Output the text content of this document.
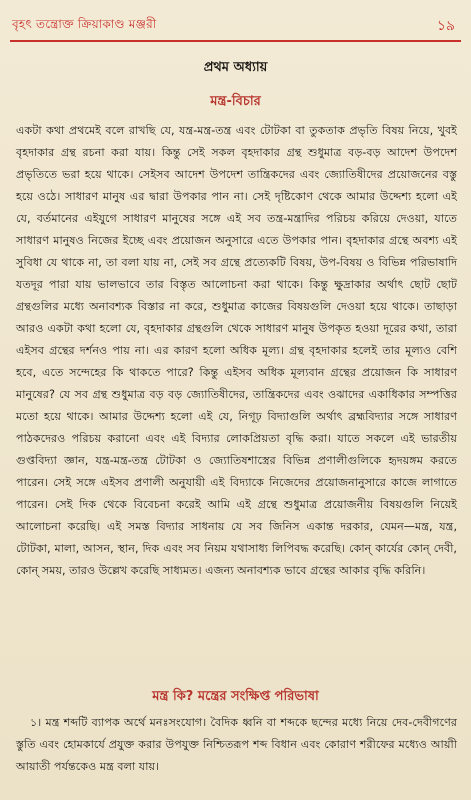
বৃহৎ তন্ত্রোক্ত ক্রিয়াকাণ্ড মঞ্জরী	১৯
প্রথম অধ্যায়
মন্ত্র-বিচার

একটা কথা প্রথমেই বলে রাখছি যে, যন্ত্র-মন্ত্র-তন্ত্র এবং টোটকা বা তুকতাক প্রভৃতি বিষয় নিয়ে, খুবই বৃহদাকার গ্রন্থ রচনা করা যায়। কিন্তু সেই সকল বৃহদাকার গ্রন্থ শুধুমাত্র বড়-বড় আদেশ উপদেশ প্রভৃতিতে ভরা হয়ে থাকে। সেইসব আদেশ উপদেশ তান্ত্রিকদের এবং জ্যোতিষীদের প্রয়োজনের বস্তু হয়ে ওঠে। সাধারণ মানুষ এর দ্বারা উপকার পান না। সেই দৃষ্টিকোণ থেকে আমার উদ্দেশ্য হলো এই যে, বর্তমানের এইযুগে সাধারণ মানুষের সঙ্গে এই সব তন্ত্র-মন্ত্রাদির পরিচয় করিয়ে দেওয়া, যাতে সাধারণ মানুষও নিজের ইচ্ছে এবং প্রয়োজন অনুসারে এতে উপকার পান। বৃহদাকার গ্রন্থে অবশ্য এই সুবিধা যে থাকে না, তা বলা যায় না, সেই সব গ্রন্থে প্রত্যেকটি বিষয়, উপ-বিষয় ও বিভিন্ন পরিভাষাদি যতদূর পারা যায় ভালভাবে তার বিস্তৃত আলোচনা করা থাকে। কিন্তু ক্ষুদ্রাকার অর্থাৎ ছোট ছোট গ্রন্থগুলির মধ্যে অনাবশ্যক বিস্তার না করে, শুধুমাত্র কাজের বিষয়গুলি দেওয়া হয়ে থাকে। তাছাড়া আরও একটা কথা হলো যে, বৃহদাকার গ্রন্থগুলি থেকে সাধারণ মানুষ উপকৃত হওয়া দূরের কথা, তারা এইসব গ্রন্থের দর্শনও পায় না। এর কারণ হলো অধিক মূল্য। গ্রন্থ বৃহদাকার হলেই তার মূল্যও বেশি হবে, এতে সন্দেহের কি থাকতে পারে? কিন্তু এইসব অধিক মূল্যবান গ্রন্থের প্রয়োজন কি সাধারণ মানুষের? যে সব গ্রন্থ শুধুমাত্র বড় বড় জ্যোতিষীদের, তান্ত্রিকদের এবং ওঝাদের একাধিকার সম্পত্তির মতো হয়ে থাকে। আমার উদ্দেশ্য হলো এই যে, নিগূঢ় বিদ্যাগুলি অর্থাৎ ব্রহ্মবিদ্যার সঙ্গে সাধারণ পাঠকদেরও পরিচয় করানো এবং এই বিদ্যার লোকপ্রিয়তা বৃদ্ধি করা। যাতে সকলে এই ভারতীয় গুপ্তবিদ্যা জ্ঞান, যন্ত্র-মন্ত্র-তন্ত্র টোটকা ও জ্যোতিষশাস্ত্রের বিভিন্ন প্রণালীগুলিকে হৃদয়ঙ্গম করতে পারেন। সেই সঙ্গে এইসব প্রণালী অনুযায়ী এই বিদ্যাকে নিজেদের প্রয়োজনানুসারে কাজে লাগাতে পারেন। সেই দিক থেকে বিবেচনা করেই আমি এই গ্রন্থে শুধুমাত্র প্রয়োজনীয় বিষয়গুলি নিয়েই আলোচনা করেছি। এই সমস্ত বিদ্যার সাধনায় যে সব জিনিস একান্ত দরকার, যেমন—মন্ত্র, যন্ত্র, টোটকা, মালা, আসন, স্থান, দিক এবং সব নিয়ম যথাসাধ্য লিপিবদ্ধ করেছি। কোন্ কার্যের কোন্ দেবী, কোন্ সময়, তারও উল্লেখ করেছি সাধ্যমত। এজন্য অনাবশ্যক ভাবে গ্রন্থের আকার বৃদ্ধি করিনি।

মন্ত্র কি? মন্ত্রের সংক্ষিপ্ত পরিভাষা

১। মন্ত্র শব্দটি ব্যাপক অর্থে মনঃসংযোগ। বৈদিক ধ্বনি বা শব্দকে ছন্দের মধ্যে নিয়ে দেব-দেবীগণের স্তুতি এবং হোমকার্যে প্রযুক্ত করার উপযুক্ত নিশ্চিতরূপ শব্দ বিধান এবং কোরাণ শরীফের মধ্যেও আয়াী আয়াতী পর্যন্তকেও মন্ত্র বলা যায়।
